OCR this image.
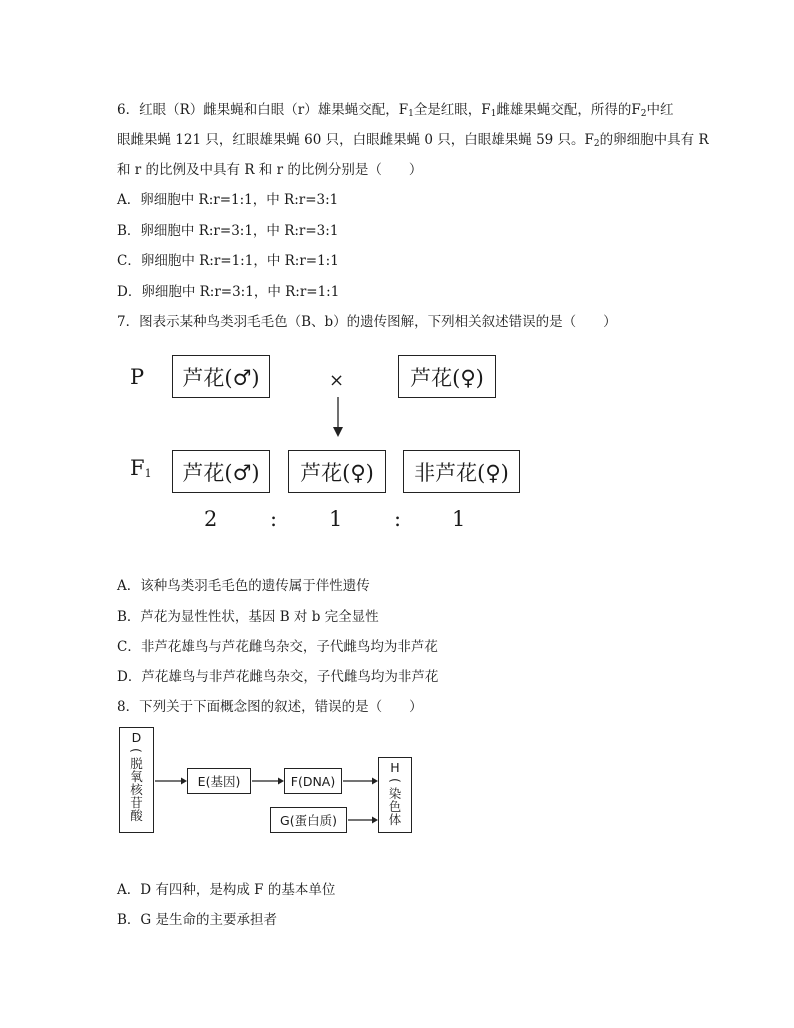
6．红眼（R）雌果蝇和白眼（r）雄果蝇交配，$F_1$全是红眼，$F_1$雌雄果蝇交配，所得的$F_2$中红
眼雌果蝇 121 只，红眼雄果蝇 60 只，白眼雌果蝇 0 只，白眼雄果蝇 59 只。$F_2$的卵细胞中具有 R
和 r 的比例及中具有 R 和 r 的比例分别是（　　）
A．卵细胞中 R:r=1:1，中 R:r=3:1
B．卵细胞中 R:r=3:1，中 R:r=3:1
C．卵细胞中 R:r=1:1，中 R:r=1:1
D．卵细胞中 R:r=3:1，中 R:r=1:1
7．图表示某种鸟类羽毛毛色（B、b）的遗传图解，下列相关叙述错误的是（　　）
P	芦花(♂)	×	芦花(♀)
$F_1$	芦花(♂)	芦花(♀)	非芦花(♀)
2	: 1 : 1
A．该种鸟类羽毛毛色的遗传属于伴性遗传
B．芦花为显性性状，基因 B 对 b 完全显性
C．非芦花雄鸟与芦花雌鸟杂交，子代雌鸟均为非芦花
D．芦花雄鸟与非芦花雌鸟杂交，子代雌鸟均为非芦花
8．下列关于下面概念图的叙述，错误的是（　　）
D
(
脱
氧
核
苷
酸
E(基因)	F(DNA)
G(蛋白质)
H
(
染
色
体
A．D 有四种，是构成 F 的基本单位
B．G 是生命的主要承担者
